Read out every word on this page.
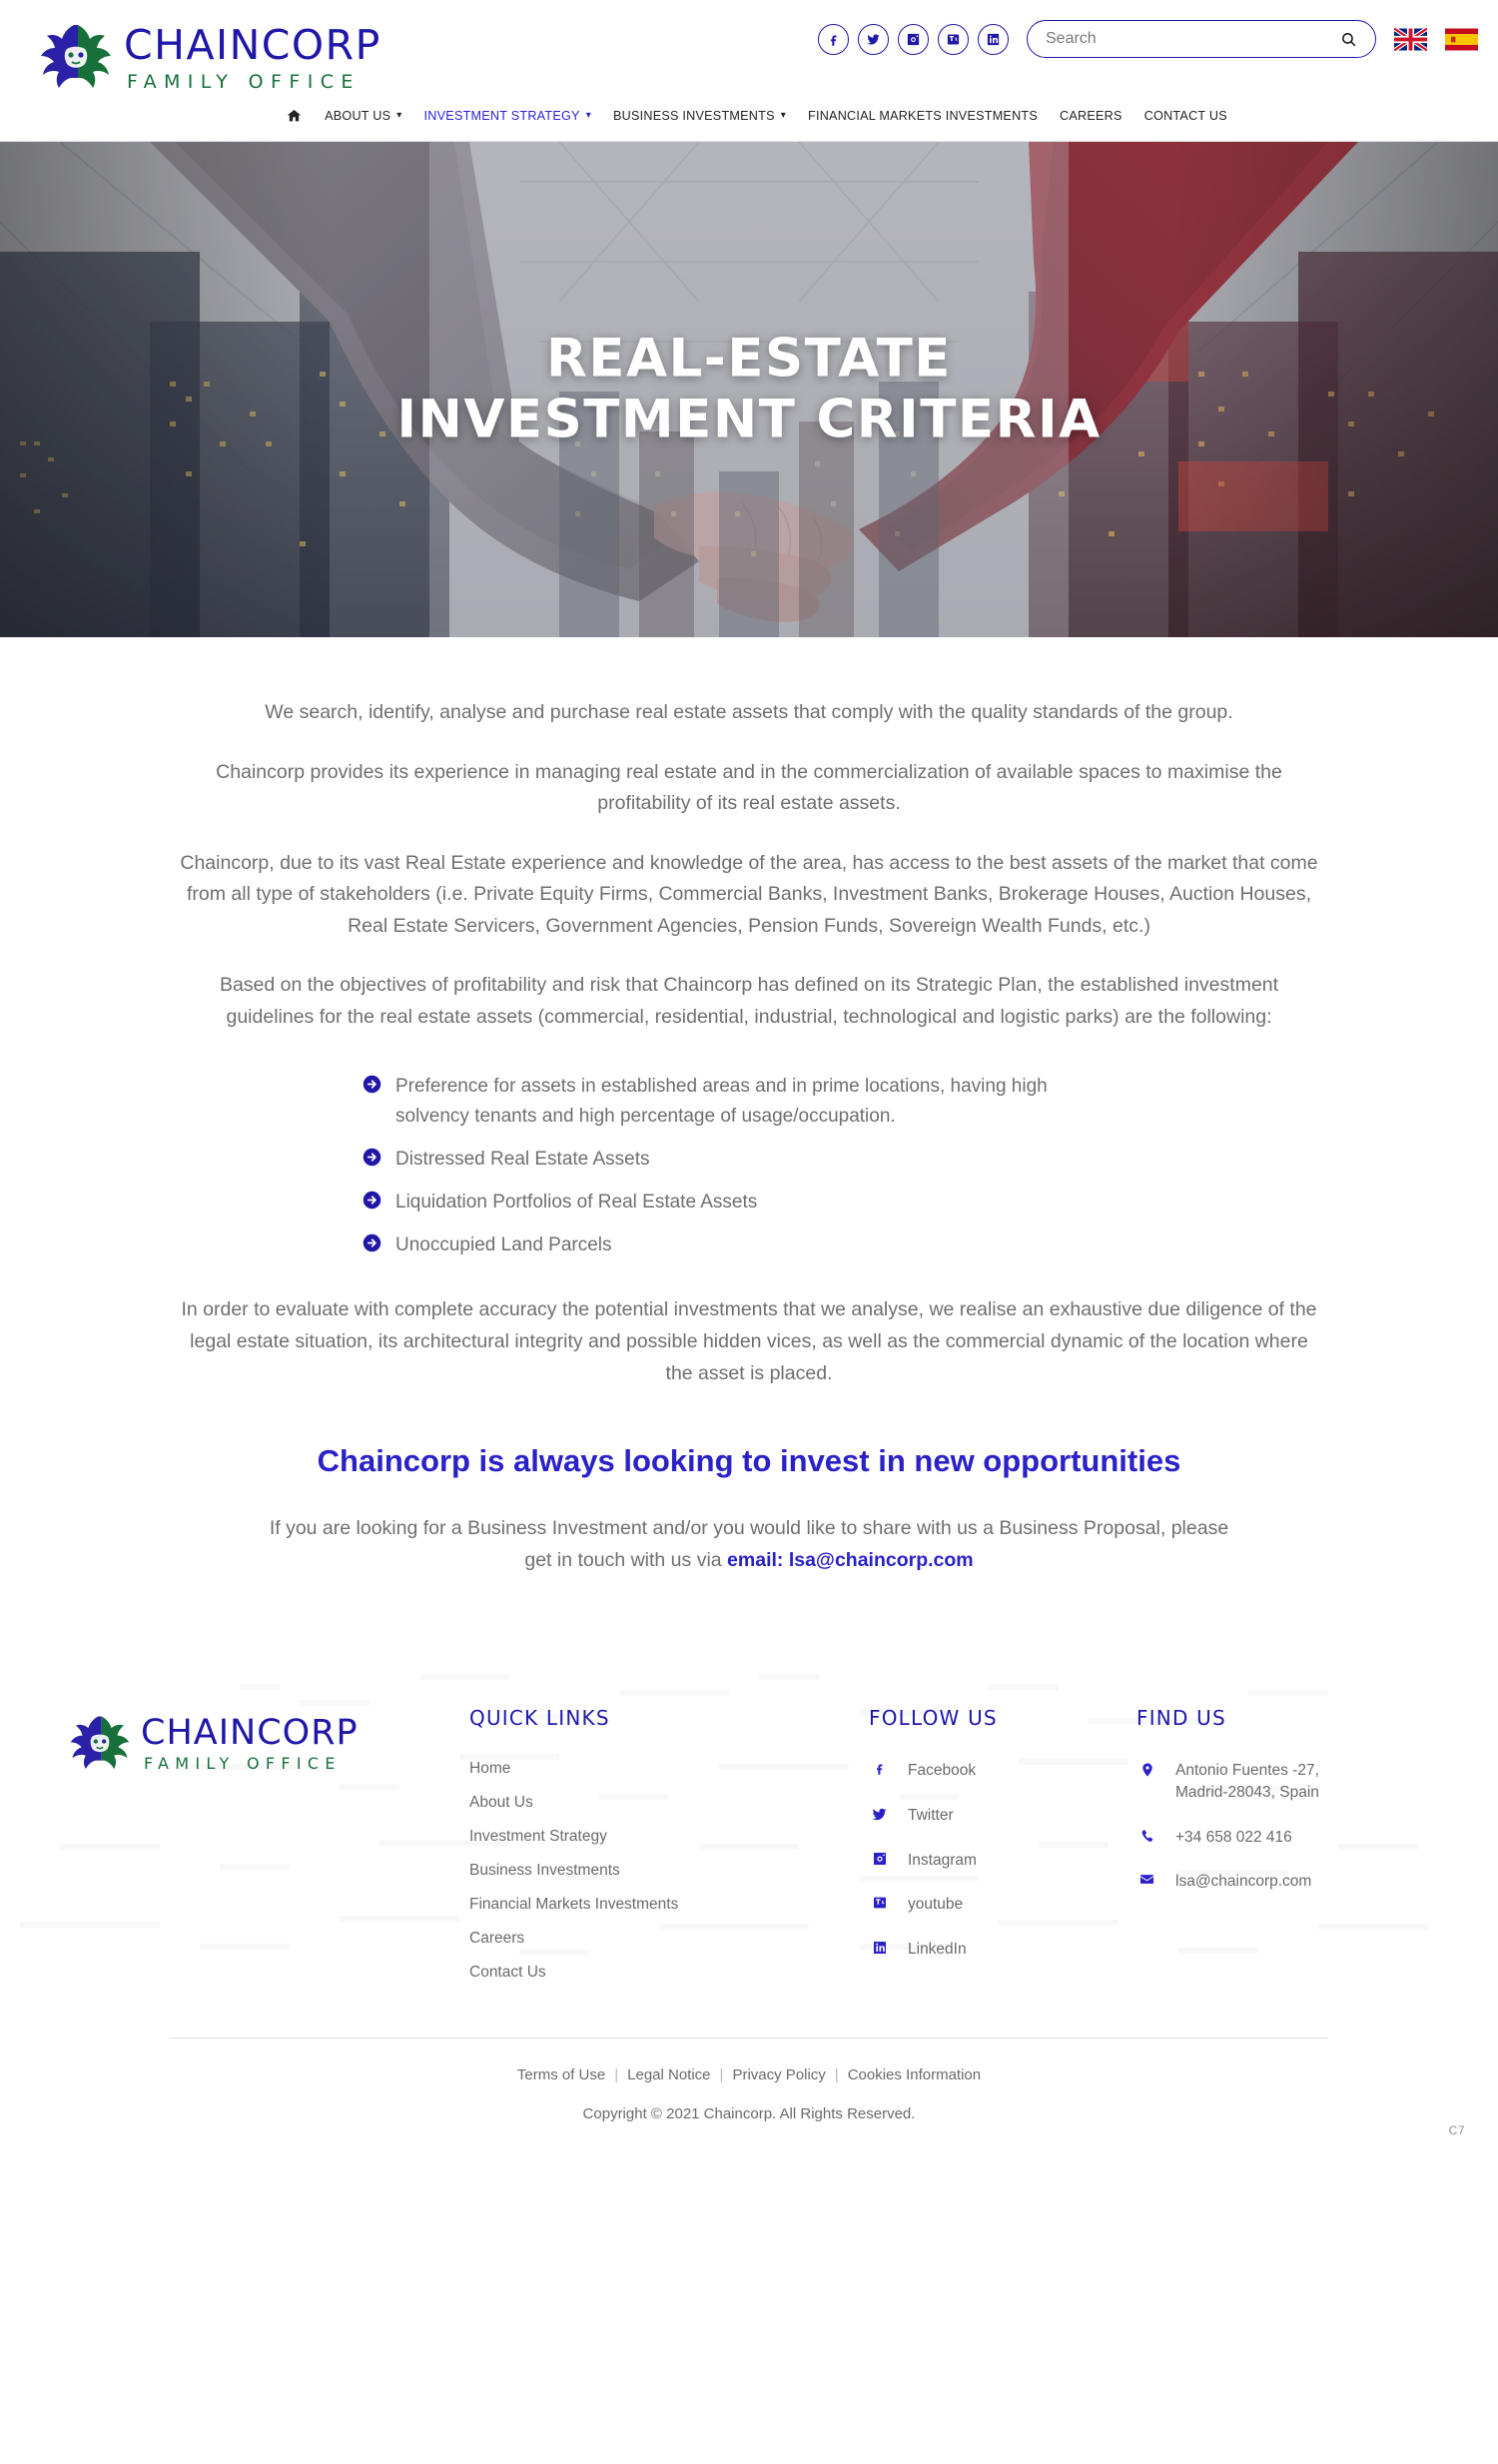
CHAINCORP
FAMILY OFFICE
Search
ABOUT US ▾ INVESTMENT STRATEGY ▾ BUSINESS INVESTMENTS ▾ FINANCIAL MARKETS INVESTMENTS CAREERS CONTACT US
REAL-ESTATE
INVESTMENT CRITERIA

We search, identify, analyse and purchase real estate assets that comply with the quality standards of the group.

Chaincorp provides its experience in managing real estate and in the commercialization of available spaces to maximise the profitability of its real estate assets.

Chaincorp, due to its vast Real Estate experience and knowledge of the area, has access to the best assets of the market that come from all type of stakeholders (i.e. Private Equity Firms, Commercial Banks, Investment Banks, Brokerage Houses, Auction Houses, Real Estate Servicers, Government Agencies, Pension Funds, Sovereign Wealth Funds, etc.)

Based on the objectives of profitability and risk that Chaincorp has defined on its Strategic Plan, the established investment guidelines for the real estate assets (commercial, residential, industrial, technological and logistic parks) are the following:

Preference for assets in established areas and in prime locations, having high solvency tenants and high percentage of usage/occupation.
Distressed Real Estate Assets
Liquidation Portfolios of Real Estate Assets
Unoccupied Land Parcels

In order to evaluate with complete accuracy the potential investments that we analyse, we realise an exhaustive due diligence of the legal estate situation, its architectural integrity and possible hidden vices, as well as the commercial dynamic of the location where the asset is placed.

Chaincorp is always looking to invest in new opportunities

If you are looking for a Business Investment and/or you would like to share with us a Business Proposal, please get in touch with us via email: lsa@chaincorp.com

CHAINCORP
FAMILY OFFICE
QUICK LINKS
Home
About Us
Investment Strategy
Business Investments
Financial Markets Investments
Careers
Contact Us
FOLLOW US
Facebook
Twitter
Instagram
youtube
LinkedIn
FIND US
Antonio Fuentes -27,
Madrid-28043, Spain
+34 658 022 416
lsa@chaincorp.com
Terms of Use | Legal Notice | Privacy Policy | Cookies Information
Copyright © 2021 Chaincorp. All Rights Reserved.
C7
